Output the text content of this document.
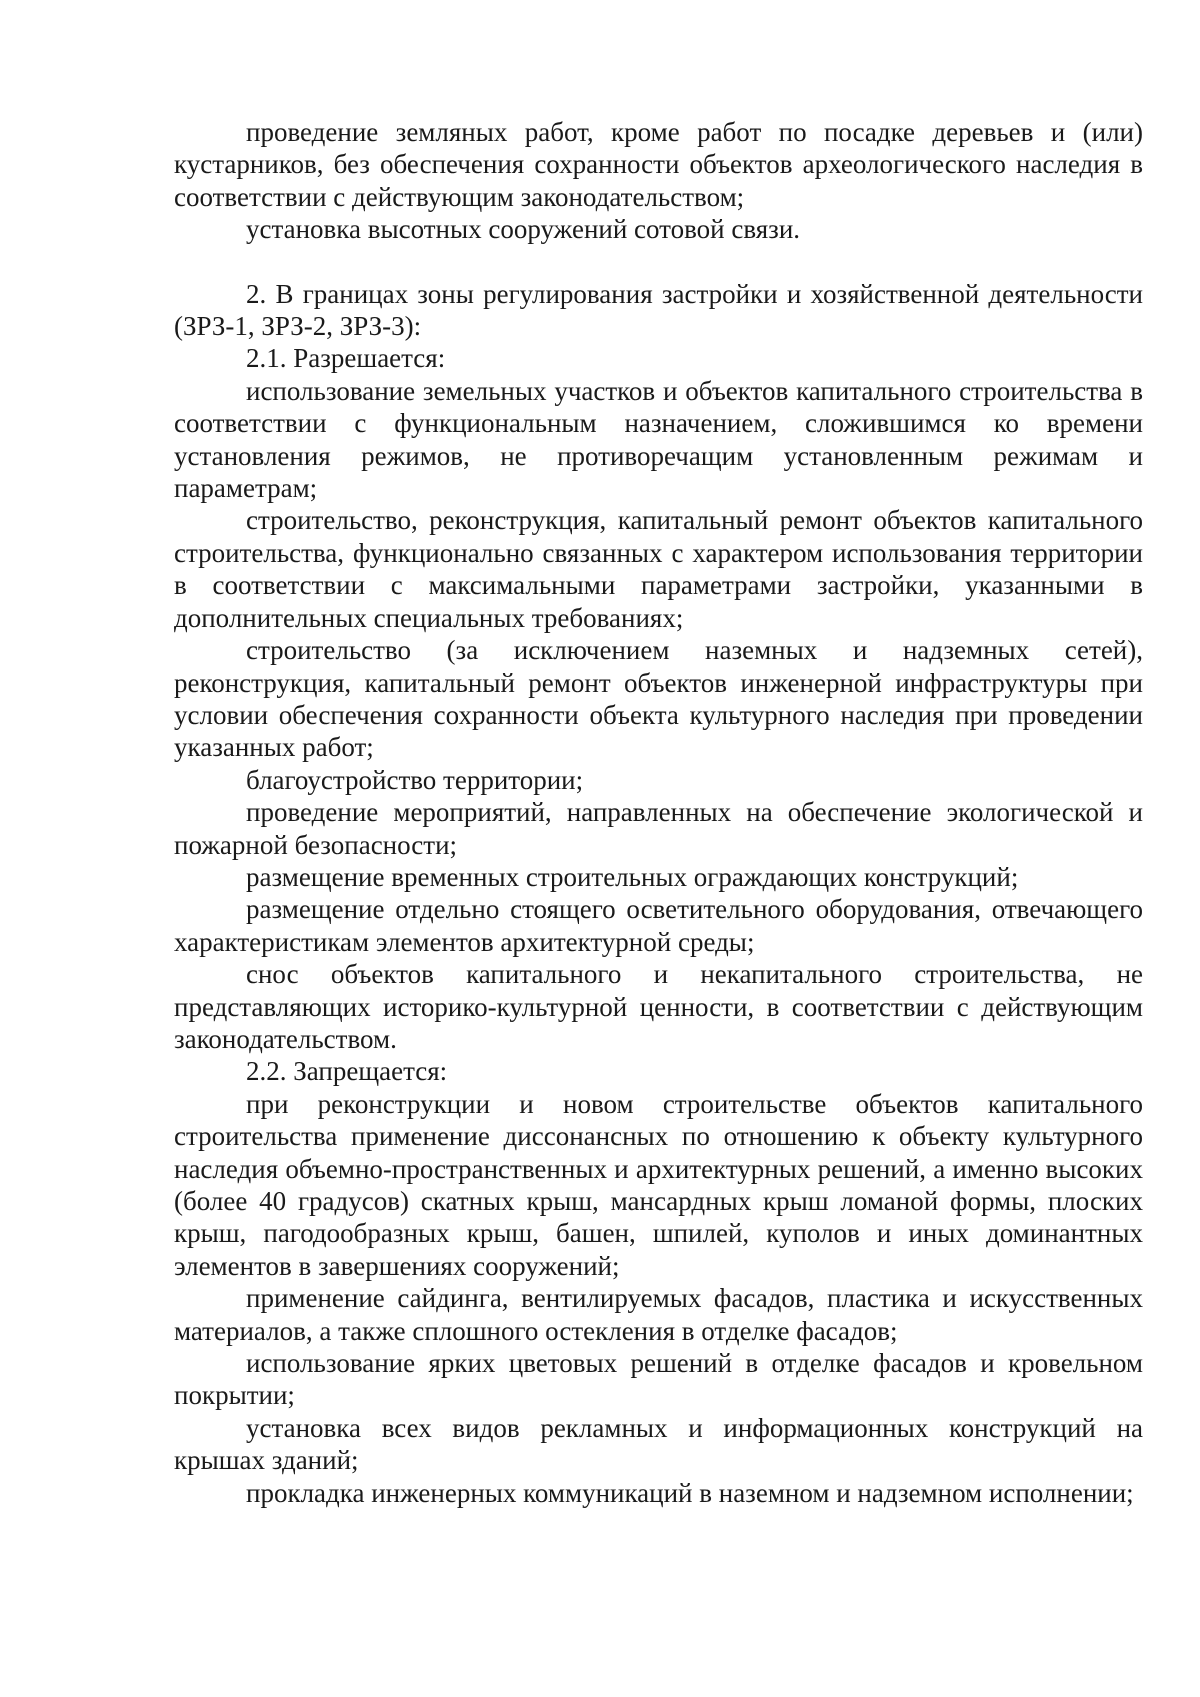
проведение земляных работ, кроме работ по посадке деревьев и (или) кустарников, без обеспечения сохранности объектов археологического наследия в соответствии с действующим законодательством;

установка высотных сооружений сотовой связи.

2. В границах зоны регулирования застройки и хозяйственной деятельности (ЗРЗ-1, ЗРЗ-2, ЗРЗ-3):

2.1. Разрешается:

использование земельных участков и объектов капитального строительства в соответствии с функциональным назначением, сложившимся ко времени установления режимов, не противоречащим установленным режимам и параметрам;

строительство, реконструкция, капитальный ремонт объектов капитального строительства, функционально связанных с характером использования территории в соответствии с максимальными параметрами застройки, указанными в дополнительных специальных требованиях;

строительство (за исключением наземных и надземных сетей), реконструкция, капитальный ремонт объектов инженерной инфраструктуры при условии обеспечения сохранности объекта культурного наследия при проведении указанных работ;

благоустройство территории;

проведение мероприятий, направленных на обеспечение экологической и пожарной безопасности;

размещение временных строительных ограждающих конструкций;

размещение отдельно стоящего осветительного оборудования, отвечающего характеристикам элементов архитектурной среды;

снос объектов капитального и некапитального строительства, не представляющих историко-культурной ценности, в соответствии с действующим законодательством.

2.2. Запрещается:

при реконструкции и новом строительстве объектов капитального строительства применение диссонансных по отношению к объекту культурного наследия объемно-пространственных и архитектурных решений, а именно высоких (более 40 градусов) скатных крыш, мансардных крыш ломаной формы, плоских крыш, пагодообразных крыш, башен, шпилей, куполов и иных доминантных элементов в завершениях сооружений;

применение сайдинга, вентилируемых фасадов, пластика и искусственных материалов, а также сплошного остекления в отделке фасадов;

использование ярких цветовых решений в отделке фасадов и кровельном покрытии;

установка всех видов рекламных и информационных конструкций на крышах зданий;

прокладка инженерных коммуникаций в наземном и надземном исполнении;
